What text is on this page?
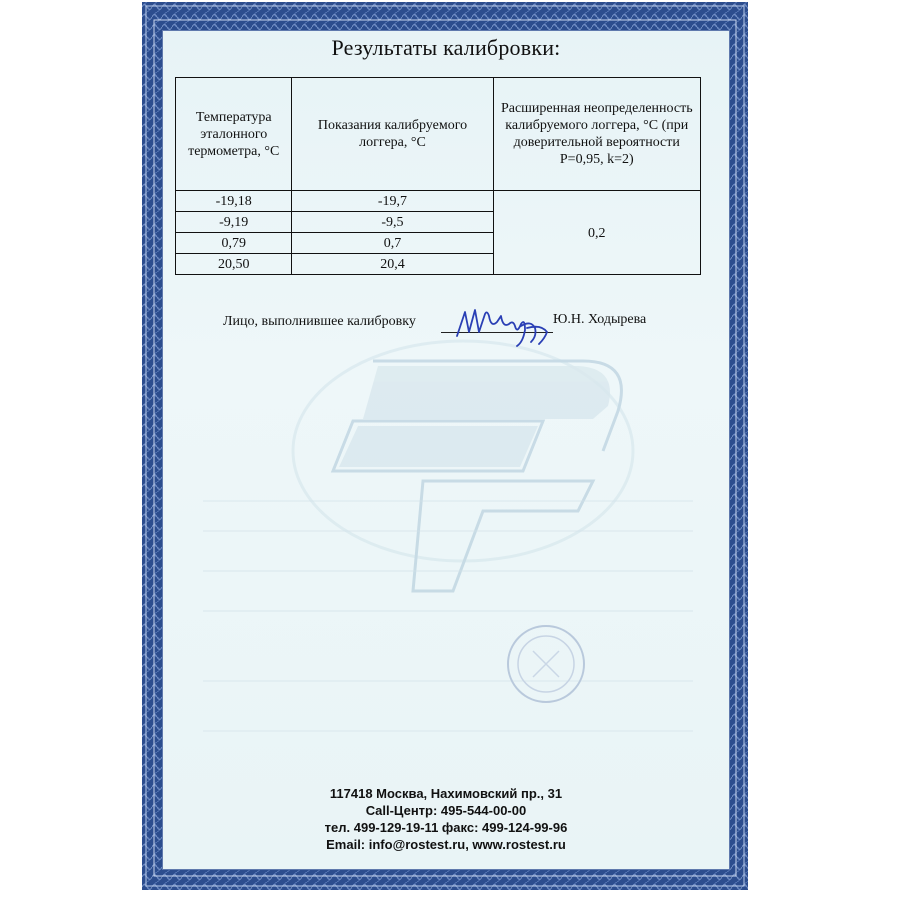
Результаты калибровки:
Температура эталонного термометра, °C	Показания калибруемого логгера, °C	Расширенная неопределенность калибруемого логгера, °C (при доверительной вероятности P=0,95, k=2)
-19,18	-19,7	0,2
-9,19	-9,5	
0,79	0,7	
20,50	20,4	
Лицо, выполнившее калибровку	Ю.Н. Ходырева
117418 Москва, Нахимовский пр., 31
Call-Центр: 495-544-00-00
тел. 499-129-19-11 факс: 499-124-99-96
Email: info@rostest.ru, www.rostest.ru
